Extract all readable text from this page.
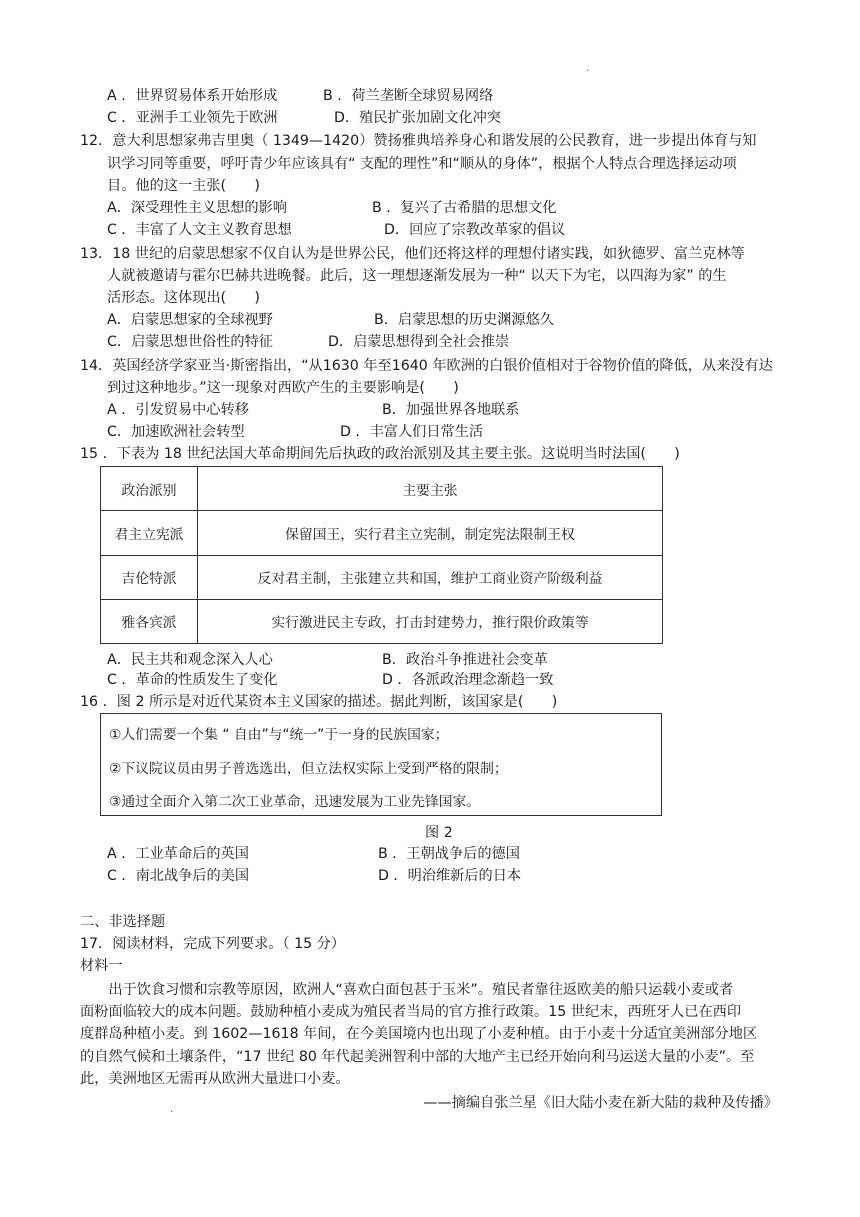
·
A ．世界贸易体系开始形成	B ．荷兰垄断全球贸易网络
C ．亚洲手工业领先于欧洲	D．殖民扩张加剧文化冲突
12．意大利思想家弗吉里奥（ 1349—1420）赞扬雅典培养身心和谐发展的公民教育，进一步提出体育与知
识学习同等重要，呼吁青少年应该具有“ 支配的理性”和“顺从的身体”，根据个人特点合理选择运动项
目。他的这一主张(　　)
A．深受理性主义思想的影响	B ．复兴了古希腊的思想文化
C ．丰富了人文主义教育思想	D．回应了宗教改革家的倡议
13．18 世纪的启蒙思想家不仅自认为是世界公民，他们还将这样的理想付诸实践，如狄德罗、富兰克林等
人就被邀请与霍尔巴赫共进晚餐。此后，这一理想逐渐发展为一种“ 以天下为宅，以四海为家” 的生
活形态。这体现出(　　)
A．启蒙思想家的全球视野	B．启蒙思想的历史渊源悠久
C．启蒙思想世俗性的特征	D．启蒙思想得到全社会推崇
14．英国经济学家亚当·斯密指出，“从1630 年至1640 年欧洲的白银价值相对于谷物价值的降低，从来没有达
到过这种地步。”这一现象对西欧产生的主要影响是(　　)
A ．引发贸易中心转移	B．加强世界各地联系
C．加速欧洲社会转型	D ．丰富人们日常生活
15 ．下表为 18 世纪法国大革命期间先后执政的政治派别及其主要主张。这说明当时法国(　　)
政治派别	主要主张
君主立宪派	保留国王，实行君主立宪制，制定宪法限制王权
吉伦特派	反对君主制，主张建立共和国，维护工商业资产阶级利益
雅各宾派	实行激进民主专政，打击封建势力，推行限价政策等
A．民主共和观念深入人心	B．政治斗争推进社会变革
C ．革命的性质发生了变化	D ．各派政治理念渐趋一致
16 ．图 2 所示是对近代某资本主义国家的描述。据此判断，该国家是(　　)
①人们需要一个集 “ 自由”与“统一”于一身的民族国家；
②下议院议员由男子普选选出，但立法权实际上受到严格的限制；
③通过全面介入第二次工业革命，迅速发展为工业先锋国家。
图 2
A ．工业革命后的英国	B ．王朝战争后的德国
C ．南北战争后的美国	D ．明治维新后的日本
二、非选择题
17．阅读材料，完成下列要求。（ 15 分）
材料一
　　出于饮食习惯和宗教等原因，欧洲人“喜欢白面包甚于玉米”。殖民者靠往返欧美的船只运载小麦或者
面粉面临较大的成本问题。鼓励种植小麦成为殖民者当局的官方推行政策。15 世纪末，西班牙人已在西印
度群岛种植小麦。到 1602—1618 年间，在今美国境内也出现了小麦种植。由于小麦十分适宜美洲部分地区
的自然气候和土壤条件，“17 世纪 80 年代起美洲智利中部的大地产主已经开始向利马运送大量的小麦”。至
此，美洲地区无需再从欧洲大量进口小麦。
——摘编自张兰星《旧大陆小麦在新大陆的栽种及传播》
·
